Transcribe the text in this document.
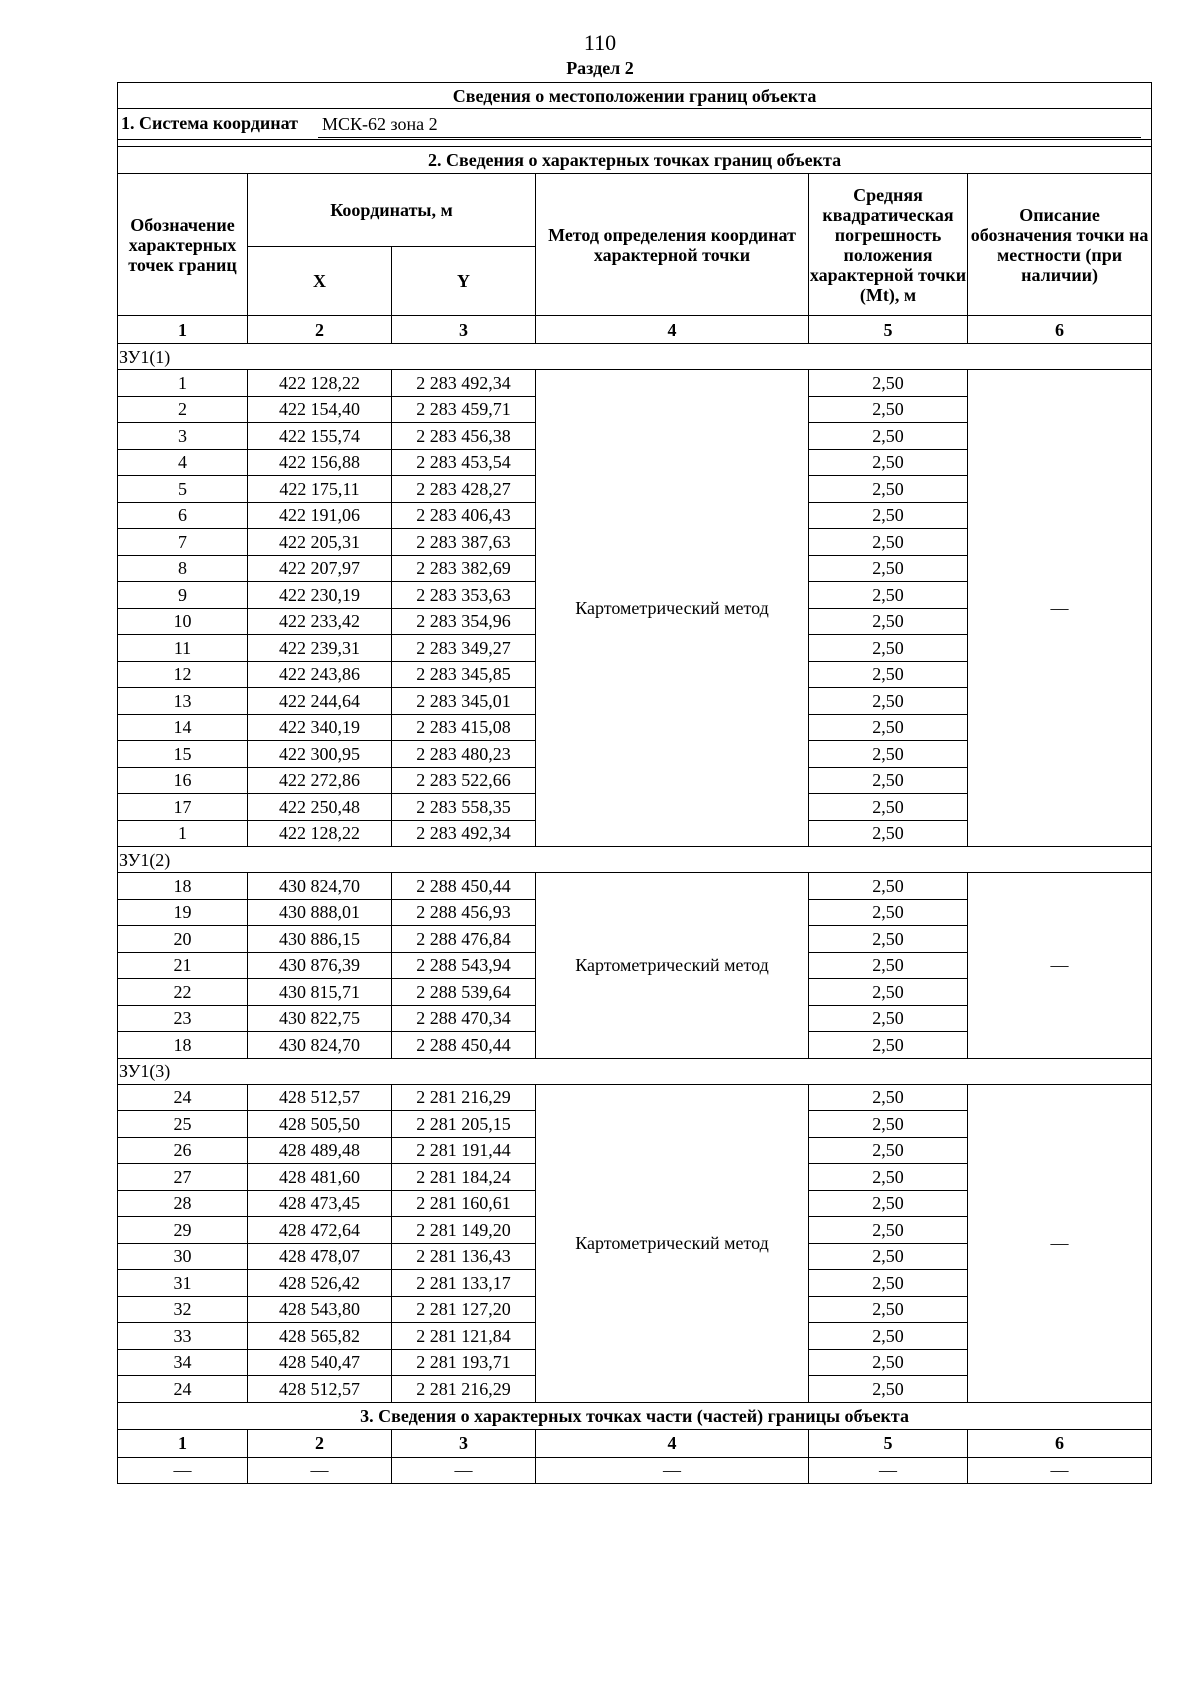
110
Раздел 2
Сведения о местоположении границ объекта					

1. Система координат МСК-62 зона 2					

2. Сведения о характерных точках границ объекта					
Обозначение характерных точек границ	Координаты, м		Метод определения координат характерной точки	Средняя квадратическая погрешность положения характерной точки (Mt), м	Описание обозначения точки на местности (при наличии)
	X	Y			
1	2	3	4	5	6
ЗУ1(1)					
1	422 128,22	2 283 492,34	Картометрический метод	2,50	—
2	422 154,40	2 283 459,71		2,50	
3	422 155,74	2 283 456,38		2,50	
4	422 156,88	2 283 453,54		2,50	
5	422 175,11	2 283 428,27		2,50	
6	422 191,06	2 283 406,43		2,50	
7	422 205,31	2 283 387,63		2,50	
8	422 207,97	2 283 382,69		2,50	
9	422 230,19	2 283 353,63		2,50	
10	422 233,42	2 283 354,96		2,50	
11	422 239,31	2 283 349,27		2,50	
12	422 243,86	2 283 345,85		2,50	
13	422 244,64	2 283 345,01		2,50	
14	422 340,19	2 283 415,08		2,50	
15	422 300,95	2 283 480,23		2,50	
16	422 272,86	2 283 522,66		2,50	
17	422 250,48	2 283 558,35		2,50	
1	422 128,22	2 283 492,34		2,50	
ЗУ1(2)					
18	430 824,70	2 288 450,44	Картометрический метод	2,50	—
19	430 888,01	2 288 456,93		2,50	
20	430 886,15	2 288 476,84		2,50	
21	430 876,39	2 288 543,94		2,50	
22	430 815,71	2 288 539,64		2,50	
23	430 822,75	2 288 470,34		2,50	
18	430 824,70	2 288 450,44		2,50	
ЗУ1(3)					
24	428 512,57	2 281 216,29	Картометрический метод	2,50	—
25	428 505,50	2 281 205,15		2,50	
26	428 489,48	2 281 191,44		2,50	
27	428 481,60	2 281 184,24		2,50	
28	428 473,45	2 281 160,61		2,50	
29	428 472,64	2 281 149,20		2,50	
30	428 478,07	2 281 136,43		2,50	
31	428 526,42	2 281 133,17		2,50	
32	428 543,80	2 281 127,20		2,50	
33	428 565,82	2 281 121,84		2,50	
34	428 540,47	2 281 193,71		2,50	
24	428 512,57	2 281 216,29		2,50	
3. Сведения о характерных точках части (частей) границы объекта					
1	2	3	4	5	6
—	—	—	—	—	—
